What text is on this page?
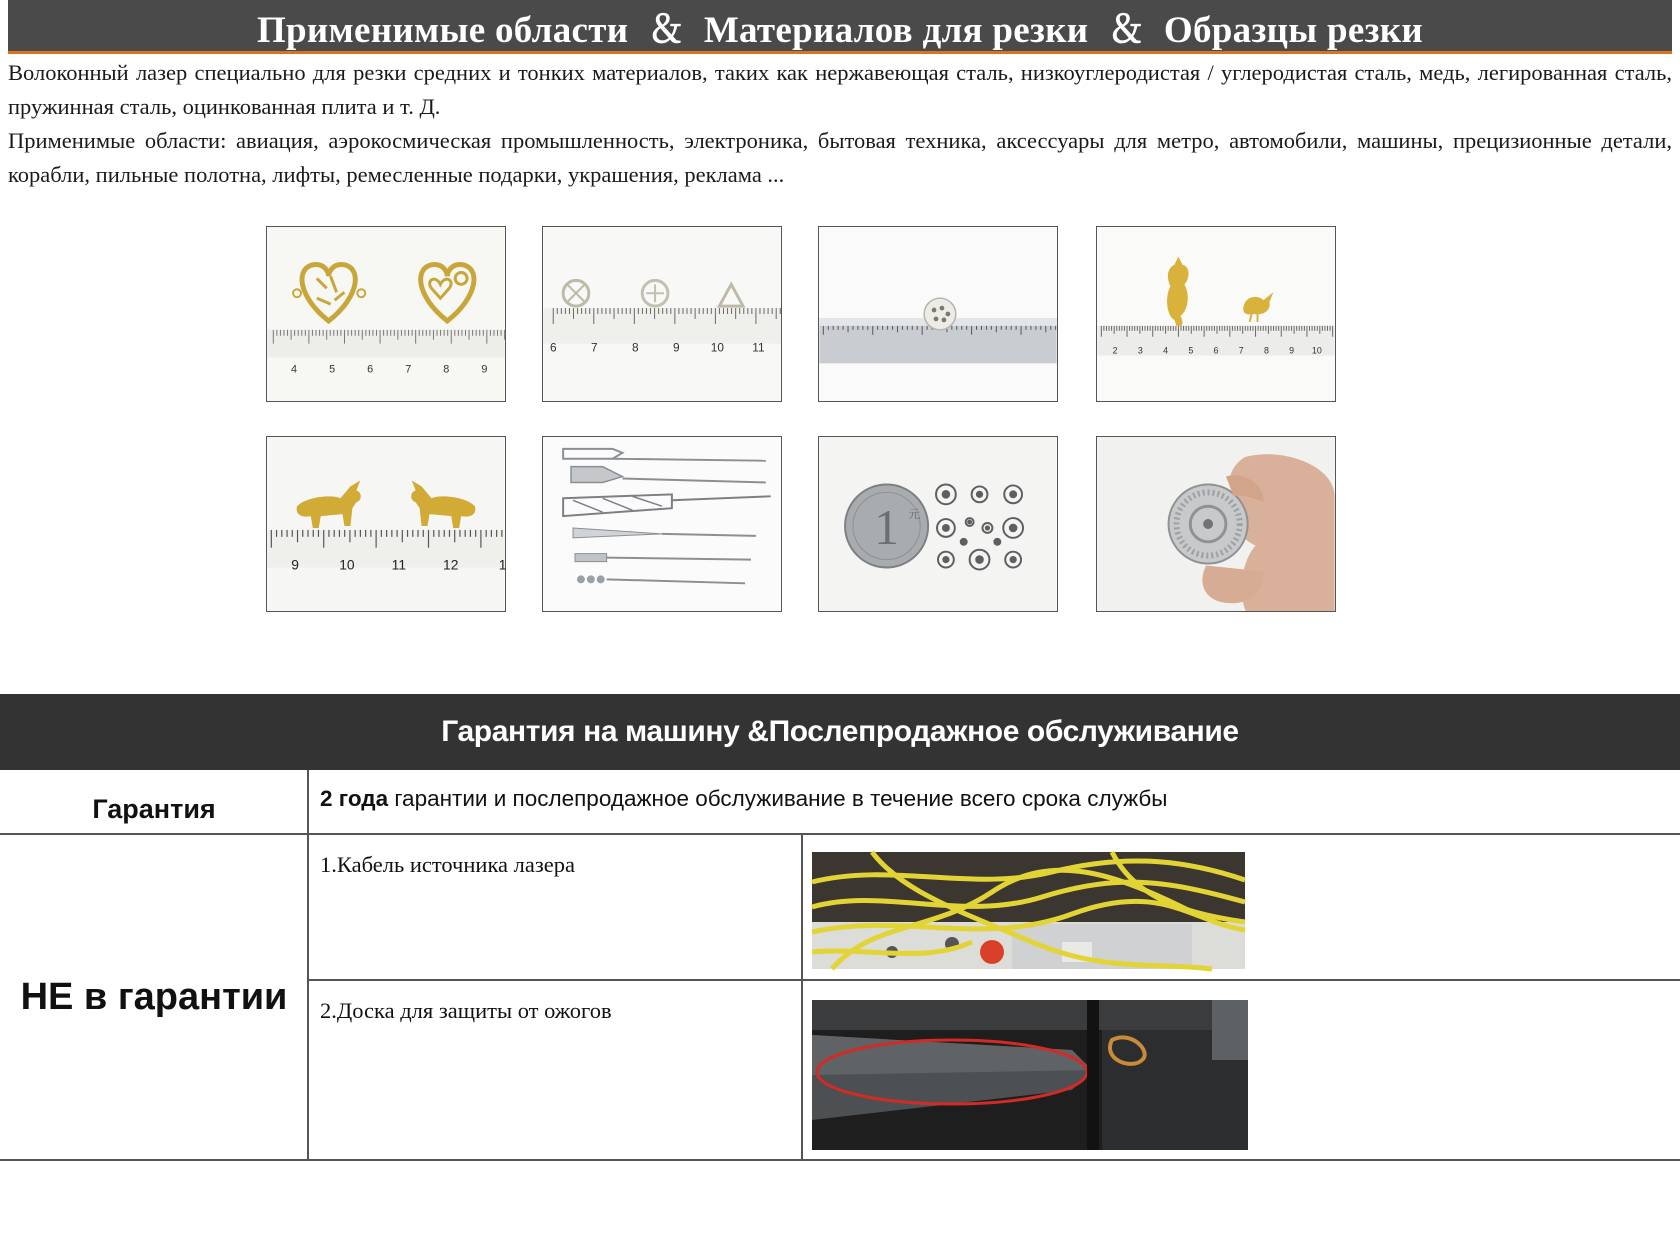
Применимые области  ＆  Материалов для резки  ＆  Образцы резки

Волоконный лазер специально для резки средних и тонких материалов, таких как нержавеющая сталь, низкоуглеродистая / углеродистая сталь, медь, легированная сталь, пружинная сталь, оцинкованная плита и т. Д.

Применимые области: авиация, аэрокосмическая промышленность, электроника, бытовая техника, аксессуары для метро, автомобили, машины, прецизионные детали, корабли, пильные полотна, лифты, ремесленные подарки, украшения, реклама ...

4	5	6	7	8	9
6	7	8	9	10 11	2 3 4 5 6 7 8 9 10
9	10	11	12	1
1 元
Гарантия на машину &Послепродажное обслуживание
Гарантия	2 года гарантии и послепродажное обслуживание в течение всего срока службы
НЕ в гарантии
1.Кабель источника лазера
2.Доска для защиты от ожогов
